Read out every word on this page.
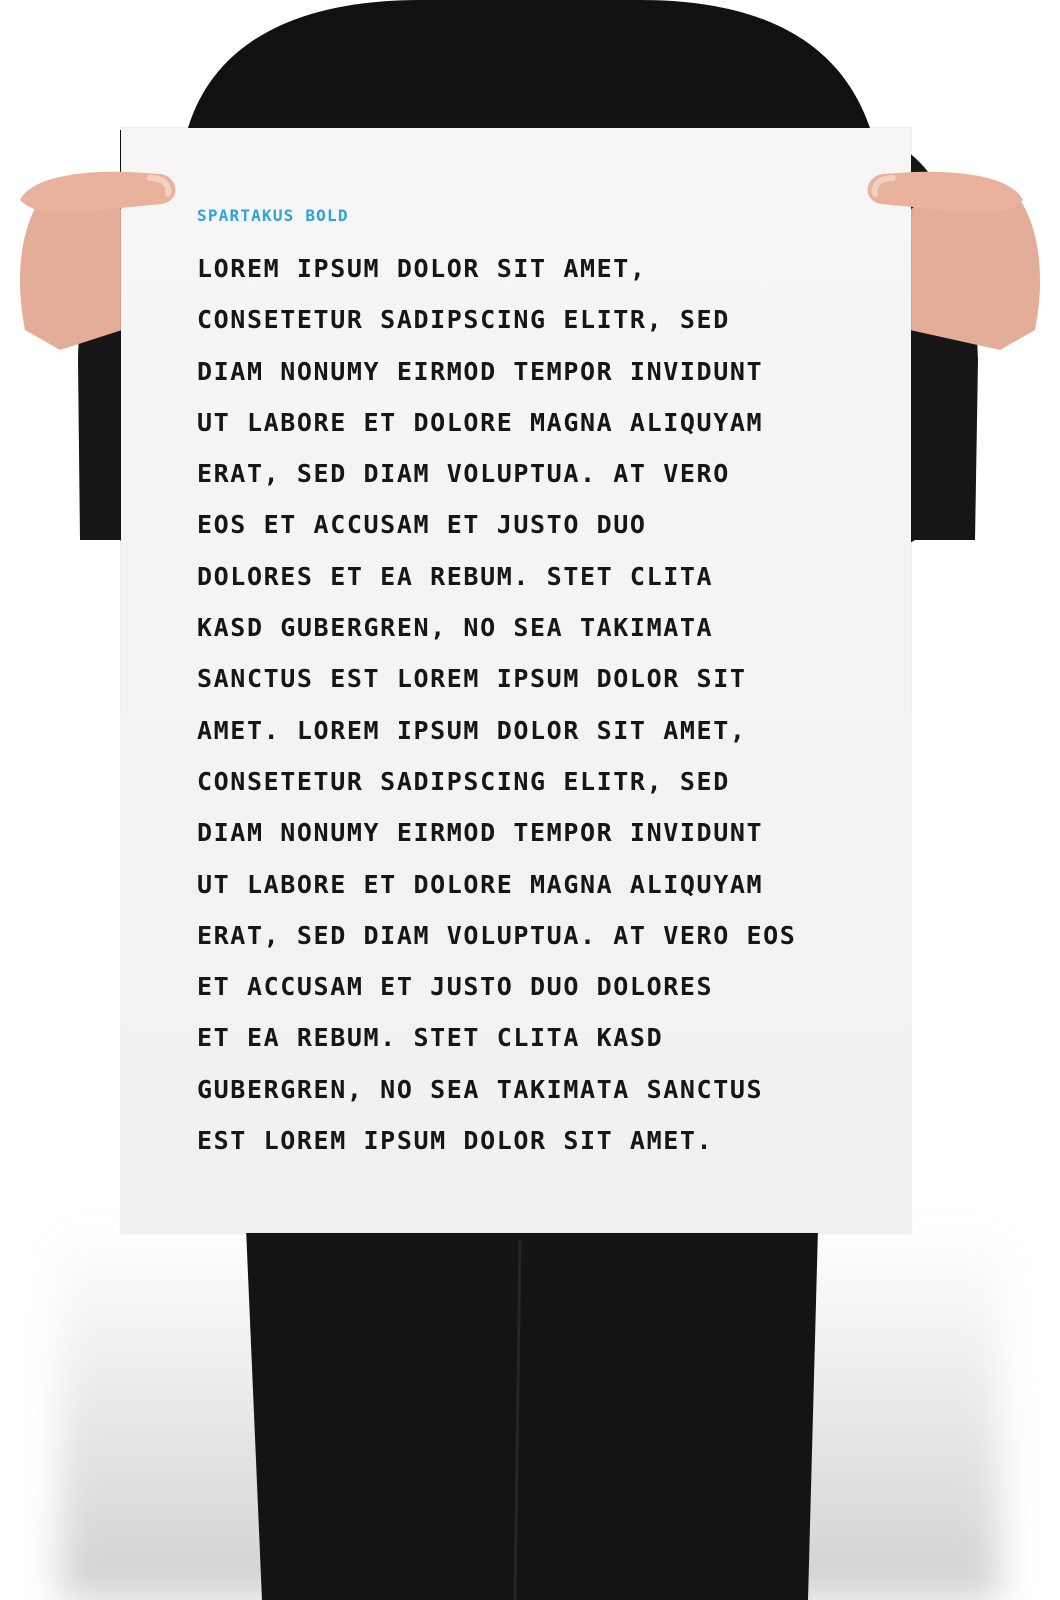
SPARTAKUS BOLD
LOREM IPSUM DOLOR SIT AMET,
CONSETETUR SADIPSCING ELITR, SED
DIAM NONUMY EIRMOD TEMPOR INVIDUNT
UT LABORE ET DOLORE MAGNA ALIQUYAM
ERAT, SED DIAM VOLUPTUA. AT VERO
EOS ET ACCUSAM ET JUSTO DUO
DOLORES ET EA REBUM. STET CLITA
KASD GUBERGREN, NO SEA TAKIMATA
SANCTUS EST LOREM IPSUM DOLOR SIT
AMET. LOREM IPSUM DOLOR SIT AMET,
CONSETETUR SADIPSCING ELITR, SED
DIAM NONUMY EIRMOD TEMPOR INVIDUNT
UT LABORE ET DOLORE MAGNA ALIQUYAM
ERAT, SED DIAM VOLUPTUA. AT VERO EOS
ET ACCUSAM ET JUSTO DUO DOLORES
ET EA REBUM. STET CLITA KASD
GUBERGREN, NO SEA TAKIMATA SANCTUS
EST LOREM IPSUM DOLOR SIT AMET.
